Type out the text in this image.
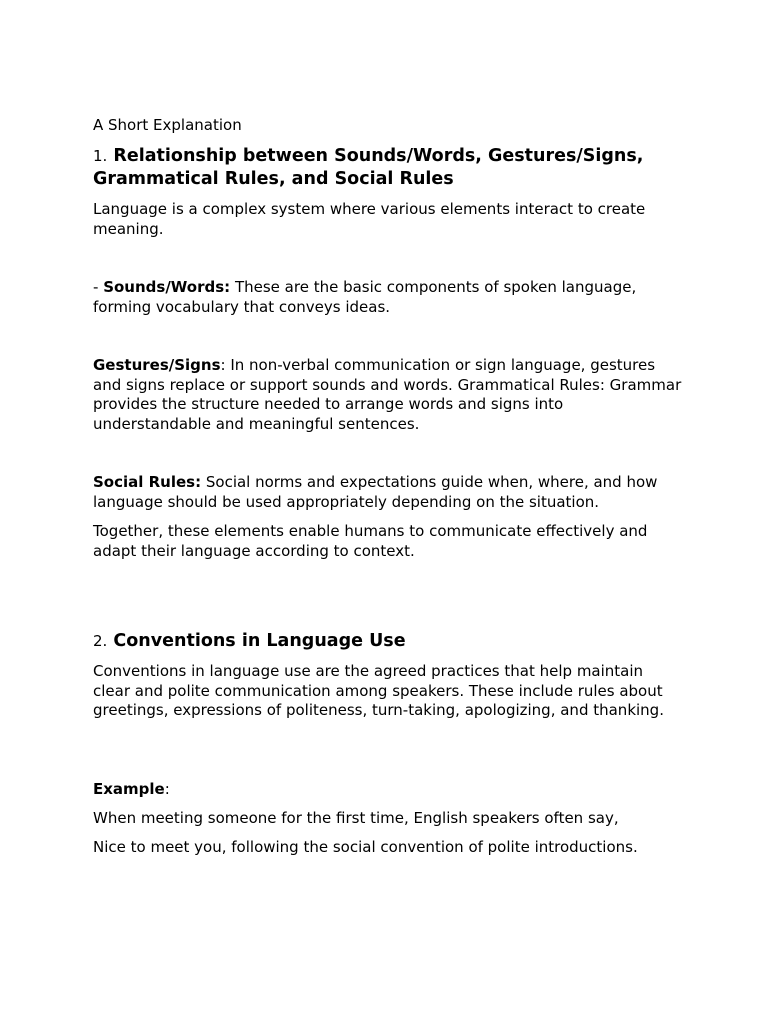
A Short Explanation

1. Relationship between Sounds/Words, Gestures/Signs, Grammatical Rules, and Social Rules

Language is a complex system where various elements interact to create meaning.

- Sounds/Words: These are the basic components of spoken language, forming vocabulary that conveys ideas.

Gestures/Signs: In non-verbal communication or sign language, gestures and signs replace or support sounds and words. Grammatical Rules: Grammar provides the structure needed to arrange words and signs into understandable and meaningful sentences.

Social Rules: Social norms and expectations guide when, where, and how language should be used appropriately depending on the situation.

Together, these elements enable humans to communicate effectively and adapt their language according to context.

2. Conventions in Language Use

Conventions in language use are the agreed practices that help maintain clear and polite communication among speakers. These include rules about greetings, expressions of politeness, turn-taking, apologizing, and thanking.

Example:

When meeting someone for the first time, English speakers often say,

Nice to meet you, following the social convention of polite introductions.
